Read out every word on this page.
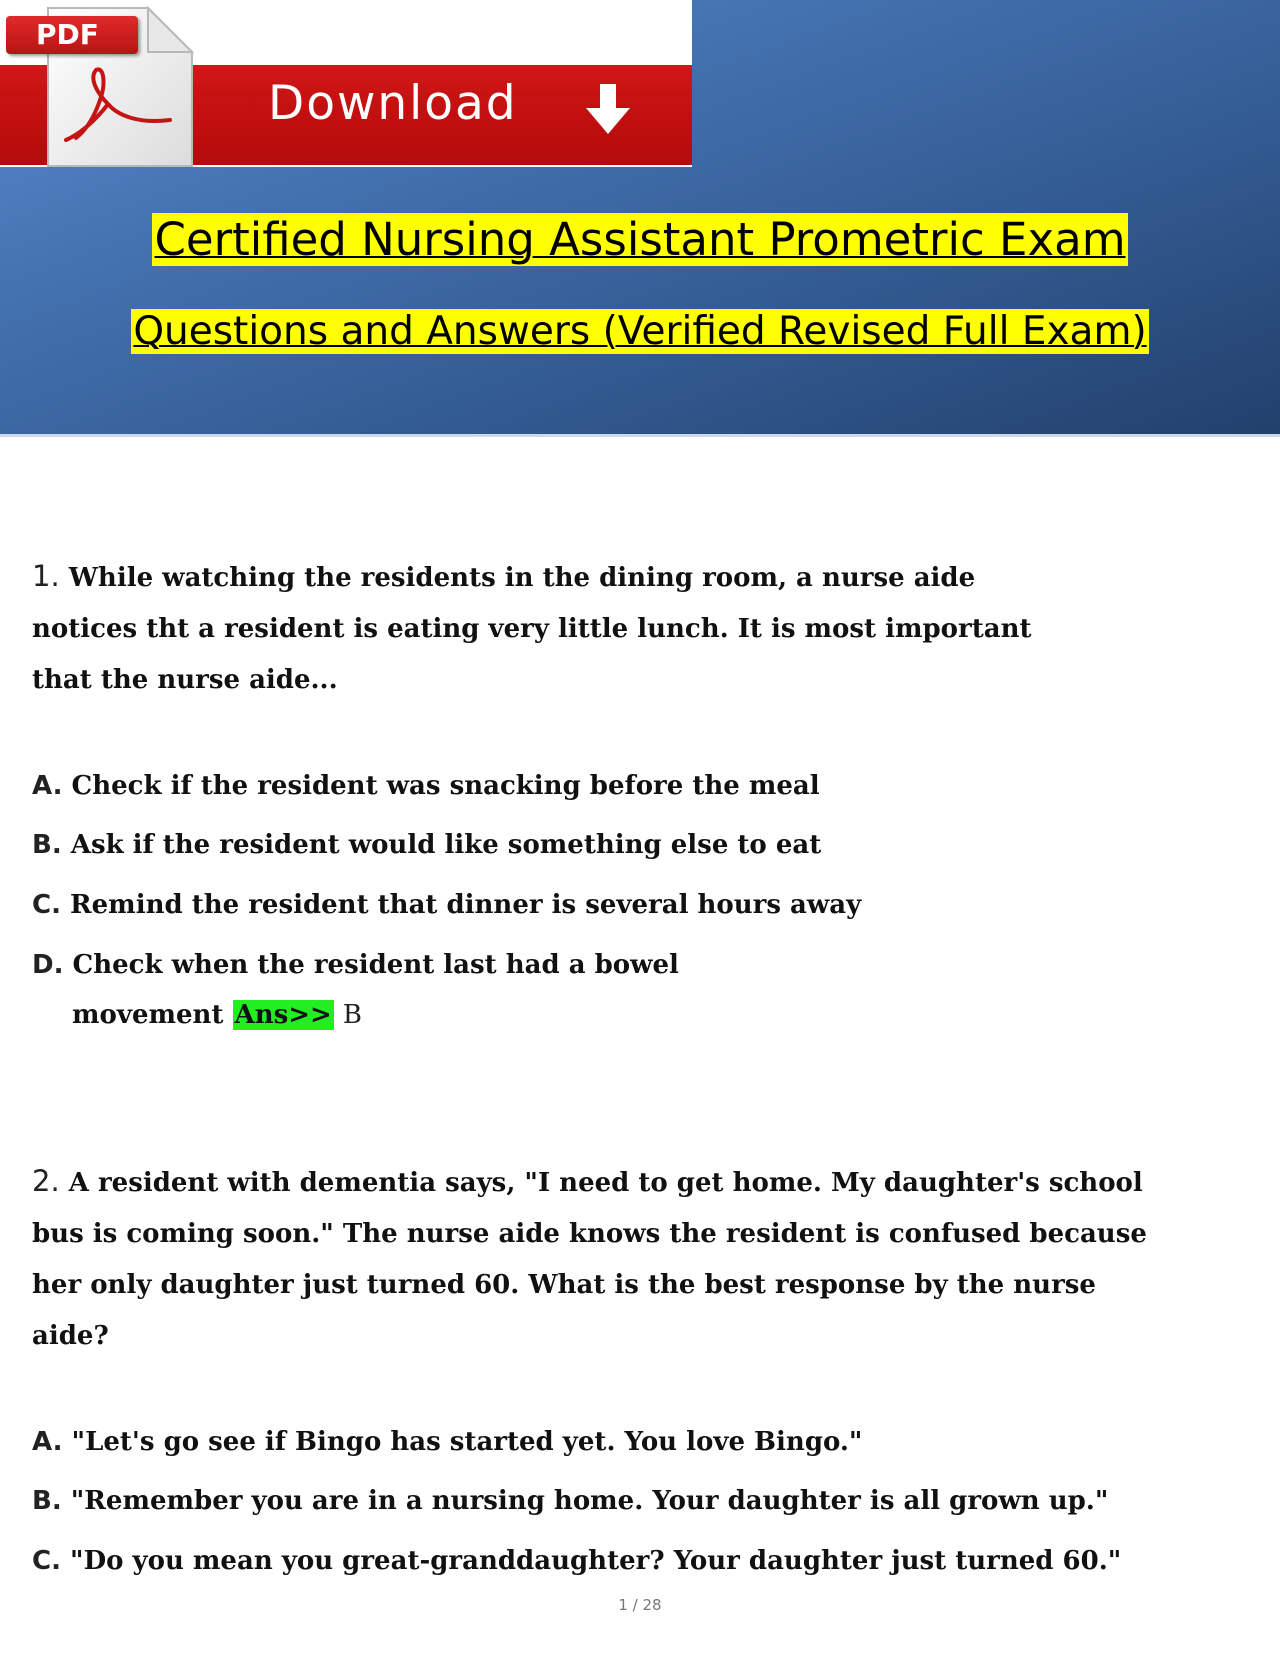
Download
PDF
Certified Nursing Assistant Prometric Exam
Questions and Answers (Verified Revised Full Exam)
1. While watching the residents in the dining room, a nurse aide
notices tht a resident is eating very little lunch. It is most important
that the nurse aide...
A. Check if the resident was snacking before the meal
B. Ask if the resident would like something else to eat
C. Remind the resident that dinner is several hours away
D. Check when the resident last had a bowel
movement Ans>> B
2. A resident with dementia says, "I need to get home. My daughter's school
bus is coming soon." The nurse aide knows the resident is confused because
her only daughter just turned 60. What is the best response by the nurse
aide?
A. "Let's go see if Bingo has started yet. You love Bingo."
B. "Remember you are in a nursing home. Your daughter is all grown up."
C. "Do you mean you great-granddaughter? Your daughter just turned 60."
1 / 28
